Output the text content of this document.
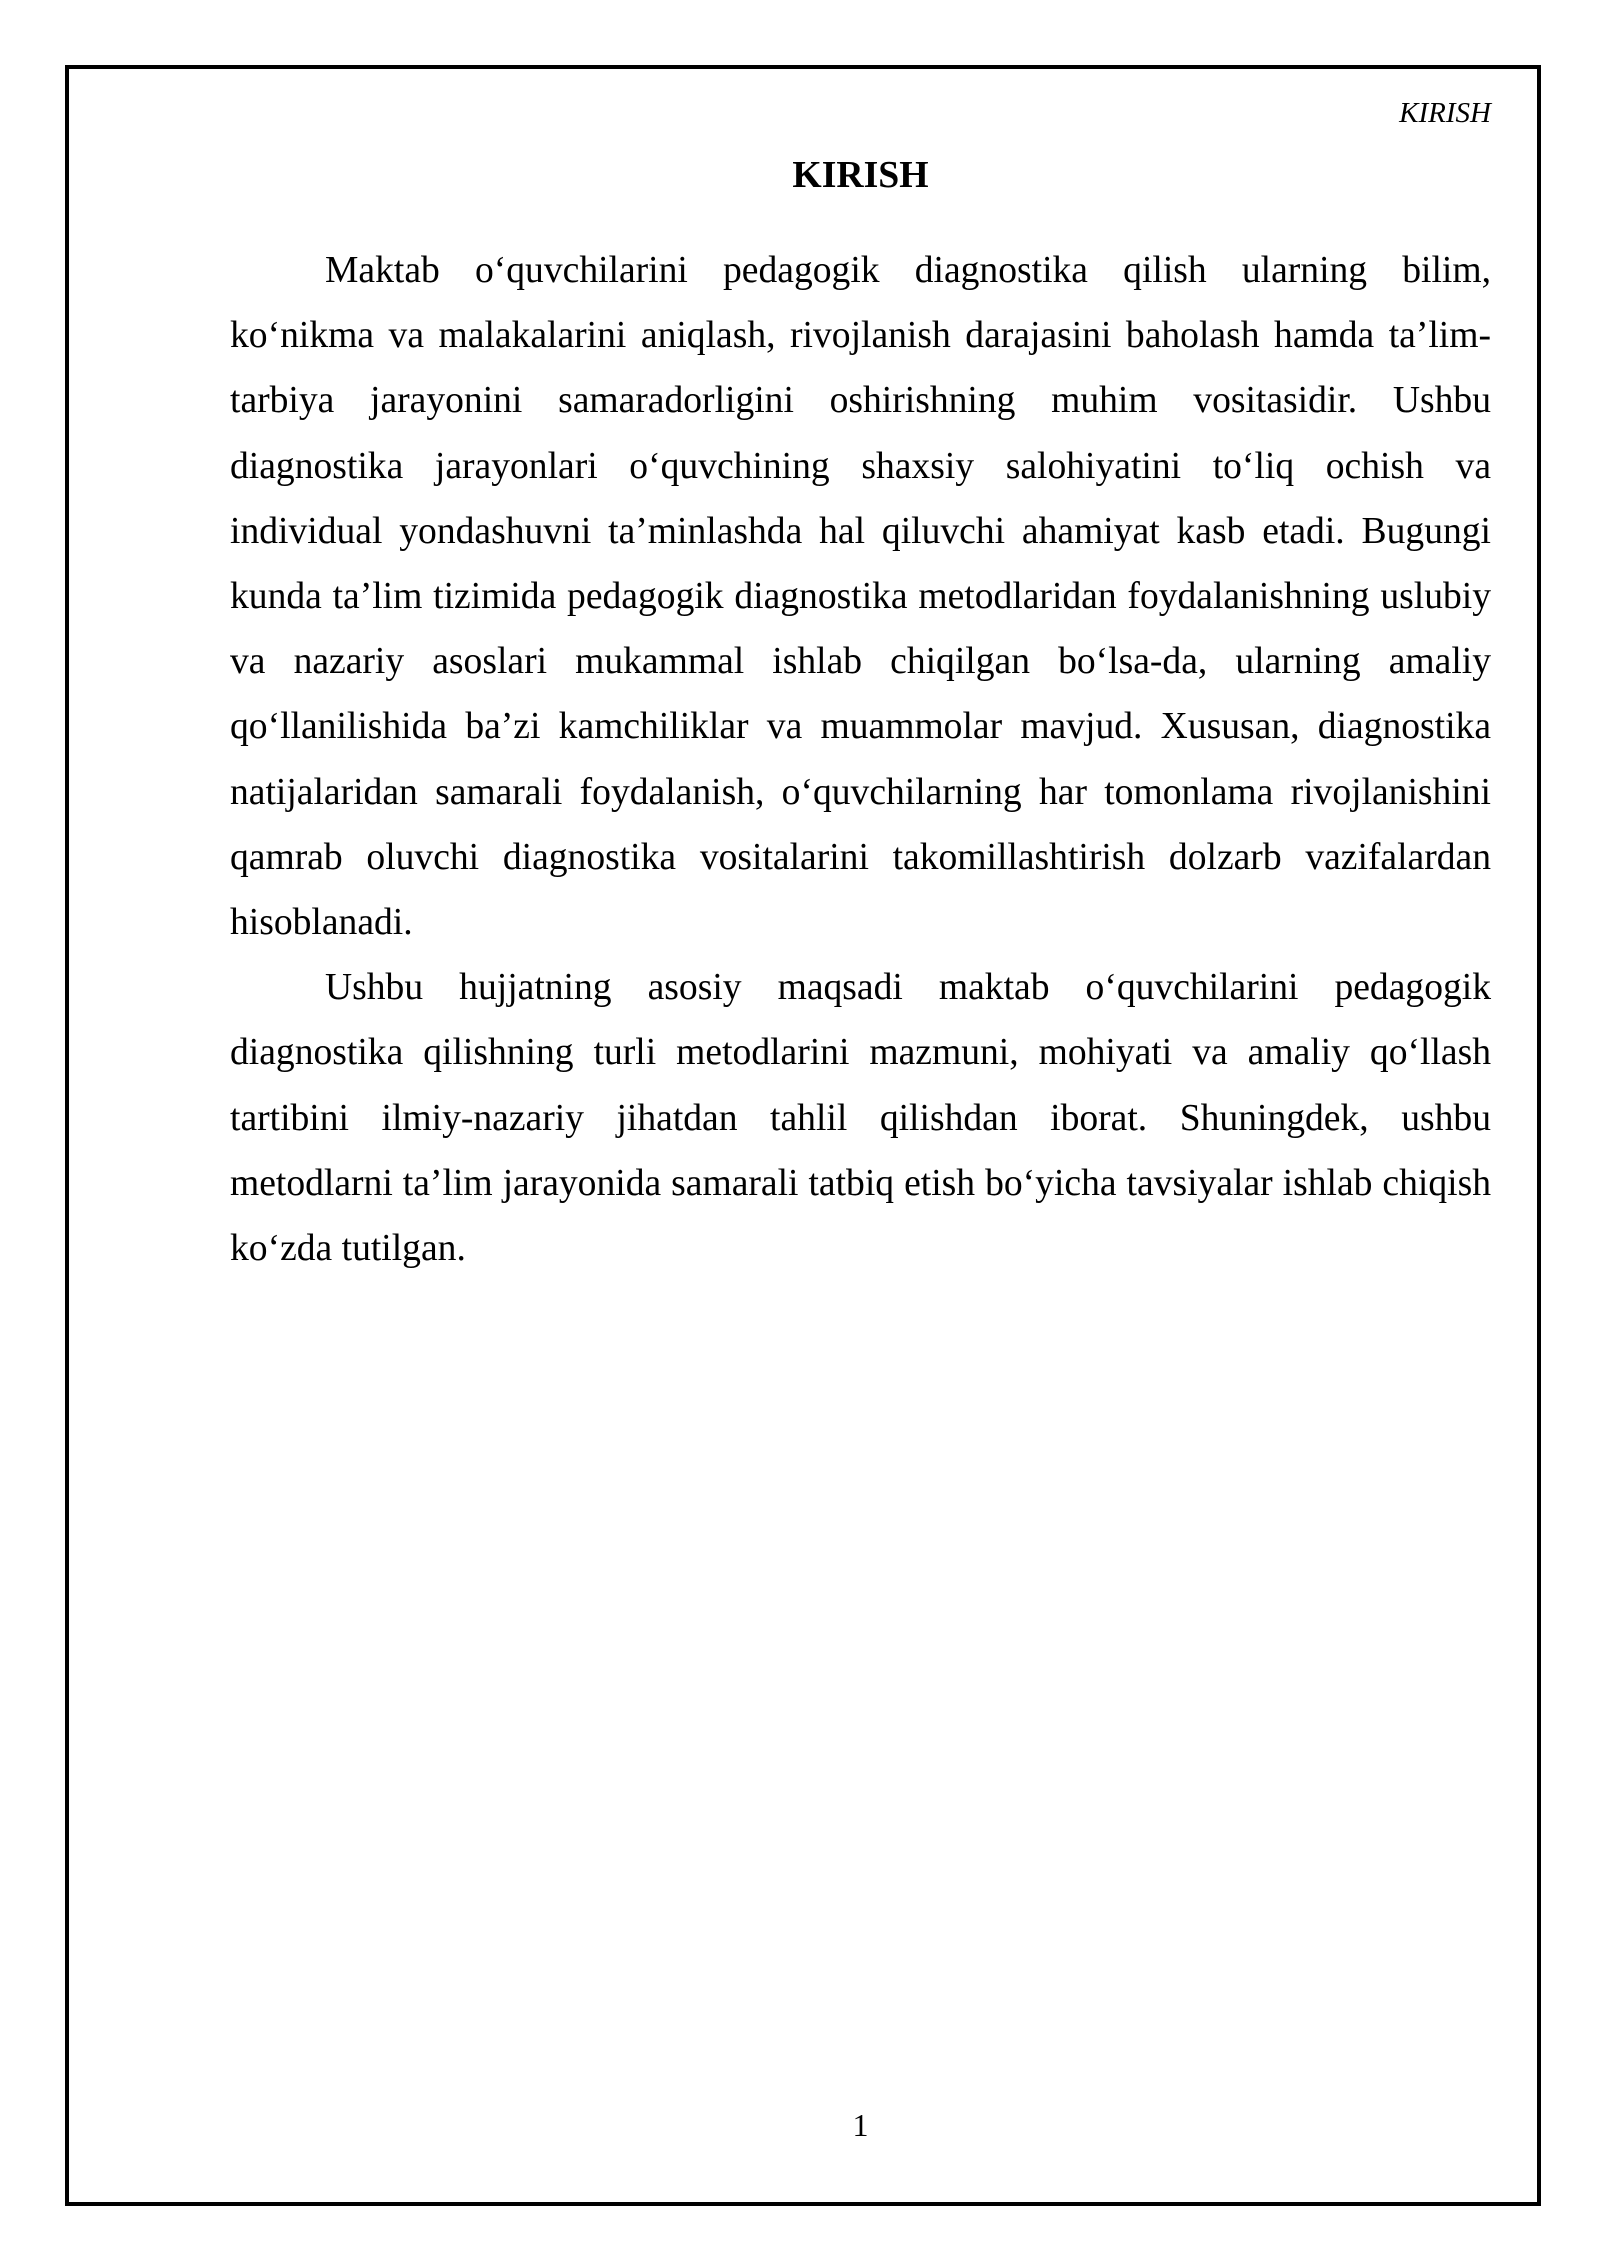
KIRISH
KIRISH
Maktab o‘quvchilarini pedagogik diagnostika qilish ularning bilim,
ko‘nikma va malakalarini aniqlash, rivojlanish darajasini baholash hamda ta’lim-
tarbiya jarayonini samaradorligini oshirishning muhim vositasidir. Ushbu
diagnostika jarayonlari o‘quvchining shaxsiy salohiyatini to‘liq ochish va
individual yondashuvni ta’minlashda hal qiluvchi ahamiyat kasb etadi. Bugungi
kunda ta’lim tizimida pedagogik diagnostika metodlaridan foydalanishning uslubiy
va nazariy asoslari mukammal ishlab chiqilgan bo‘lsa-da, ularning amaliy
qo‘llanilishida ba’zi kamchiliklar va muammolar mavjud. Xususan, diagnostika
natijalaridan samarali foydalanish, o‘quvchilarning har tomonlama rivojlanishini
qamrab oluvchi diagnostika vositalarini takomillashtirish dolzarb vazifalardan
hisoblanadi.
Ushbu hujjatning asosiy maqsadi maktab o‘quvchilarini pedagogik
diagnostika qilishning turli metodlarini mazmuni, mohiyati va amaliy qo‘llash
tartibini ilmiy-nazariy jihatdan tahlil qilishdan iborat. Shuningdek, ushbu
metodlarni ta’lim jarayonida samarali tatbiq etish bo‘yicha tavsiyalar ishlab chiqish
ko‘zda tutilgan.
1
